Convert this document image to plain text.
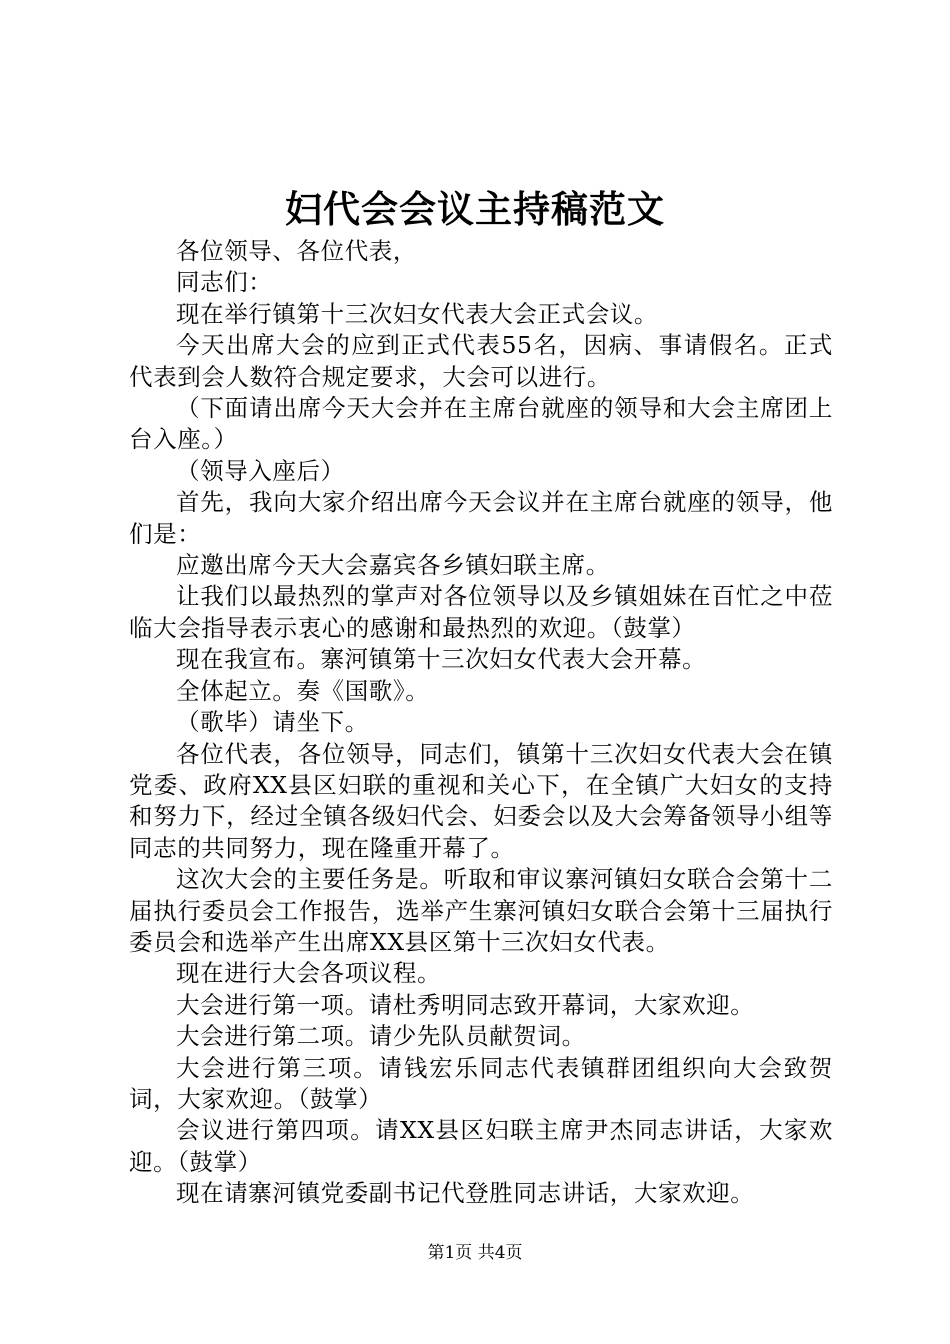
妇代会会议主持稿范文

各位领导、各位代表，

同志们：

现在举行镇第十三次妇女代表大会正式会议。

今天出席大会的应到正式代表55名，因病、事请假名。正式代表到会人数符合规定要求，大会可以进行。

（下面请出席今天大会并在主席台就座的领导和大会主席团上台入座。）

（领导入座后）

首先，我向大家介绍出席今天会议并在主席台就座的领导，他们是：

应邀出席今天大会嘉宾各乡镇妇联主席。

让我们以最热烈的掌声对各位领导以及乡镇姐妹在百忙之中莅临大会指导表示衷心的感谢和最热烈的欢迎。（鼓掌）

现在我宣布。寨河镇第十三次妇女代表大会开幕。

全体起立。奏《国歌》。

（歌毕）请坐下。

各位代表，各位领导，同志们，镇第十三次妇女代表大会在镇党委、政府XX县区妇联的重视和关心下，在全镇广大妇女的支持和努力下，经过全镇各级妇代会、妇委会以及大会筹备领导小组等同志的共同努力，现在隆重开幕了。

这次大会的主要任务是。听取和审议寨河镇妇女联合会第十二届执行委员会工作报告，选举产生寨河镇妇女联合会第十三届执行委员会和选举产生出席XX县区第十三次妇女代表。

现在进行大会各项议程。

大会进行第一项。请杜秀明同志致开幕词，大家欢迎。

大会进行第二项。请少先队员献贺词。

大会进行第三项。请钱宏乐同志代表镇群团组织向大会致贺词，大家欢迎。（鼓掌）

会议进行第四项。请XX县区妇联主席尹杰同志讲话，大家欢迎。（鼓掌）

现在请寨河镇党委副书记代登胜同志讲话，大家欢迎。

第1页 共4页
